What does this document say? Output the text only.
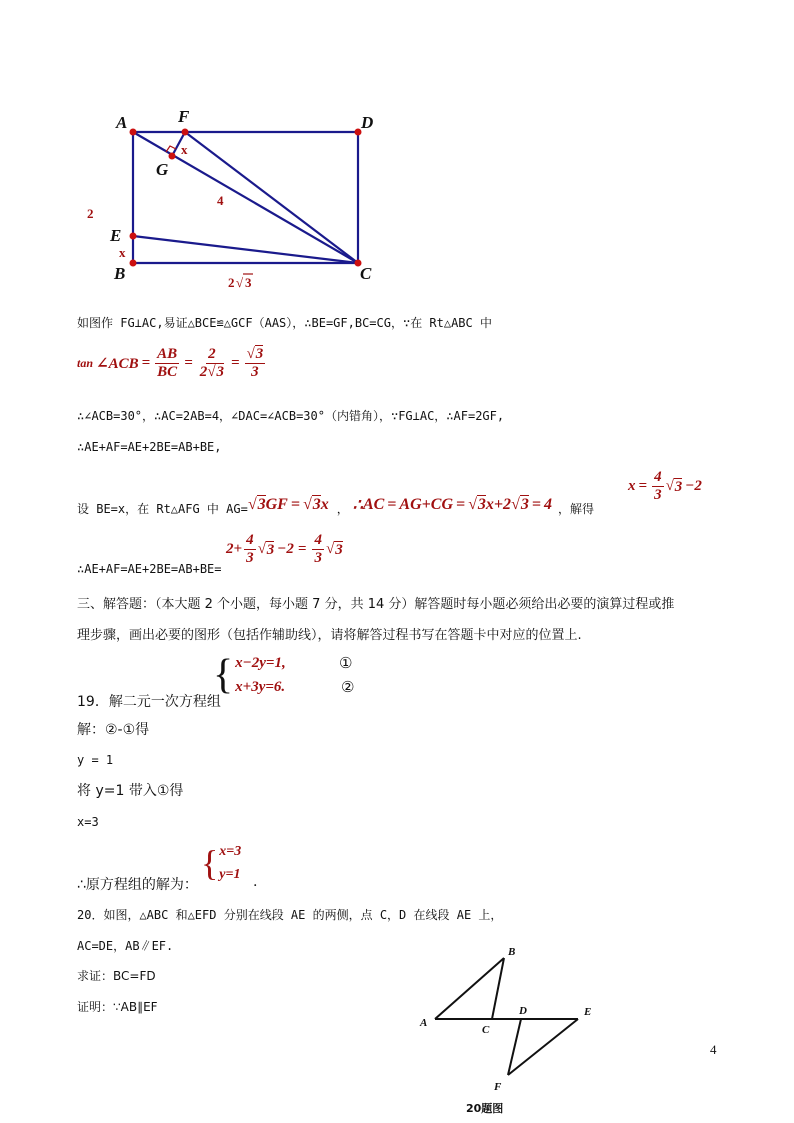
A	F	D
G
E
B	C
x
2
4
x
2 √ 3
如图作 FG⊥AC,易证△BCE≌△GCF（AAS），∴BE=GF,BC=CG，∵在 Rt△ABC 中
tan ∠ACB = $\frac{AB}{BC} = \frac{2}{2 √ 3}$ = √ $\frac{3}{3}$
∴∠ACB=30°，∴AC=2AB=4，∠DAC=∠ACB=30°（内错角），∵FG⊥AC，∴AF=2GF,
∴AE+AF=AE+2BE=AB+BE,
设 BE=x，在 Rt△AFG 中 AG= √ 3 GF = √ 3 x ， ∴ AC = AG+CG = √ 3 x+2 √ 3 = 4 ，解得
$x = \frac{4}{3}$ √ 3 −2
∴AE+AF=AE+2BE=AB+BE=
$2+ \frac{4}{3}$ √ $3 -2 = \frac{4}{3}$ √ 3
三、解答题：（本大题 2 个小题，每小题 7 分，共 14 分）解答题时每小题必须给出必要的演算过程或推
理步骤，画出必要的图形（包括作辅助线），请将解答过程书写在答题卡中对应的位置上.
{ x−2y=1,
x+3y=6.
①
②
19．解二元一次方程组
解：②-①得
y = 1
将 y=1 带入①得
x=3
∴原方程组的解为：
{ x=3
y=1 .
20．如图，△ABC 和△EFD 分别在线段 AE 的两侧，点 C，D 在线段 AE 上，
AC=DE，AB∥EF.
求证：BC=FD
证明：∵AB∥EF
A
B
C
D	E
F
20题图
4
